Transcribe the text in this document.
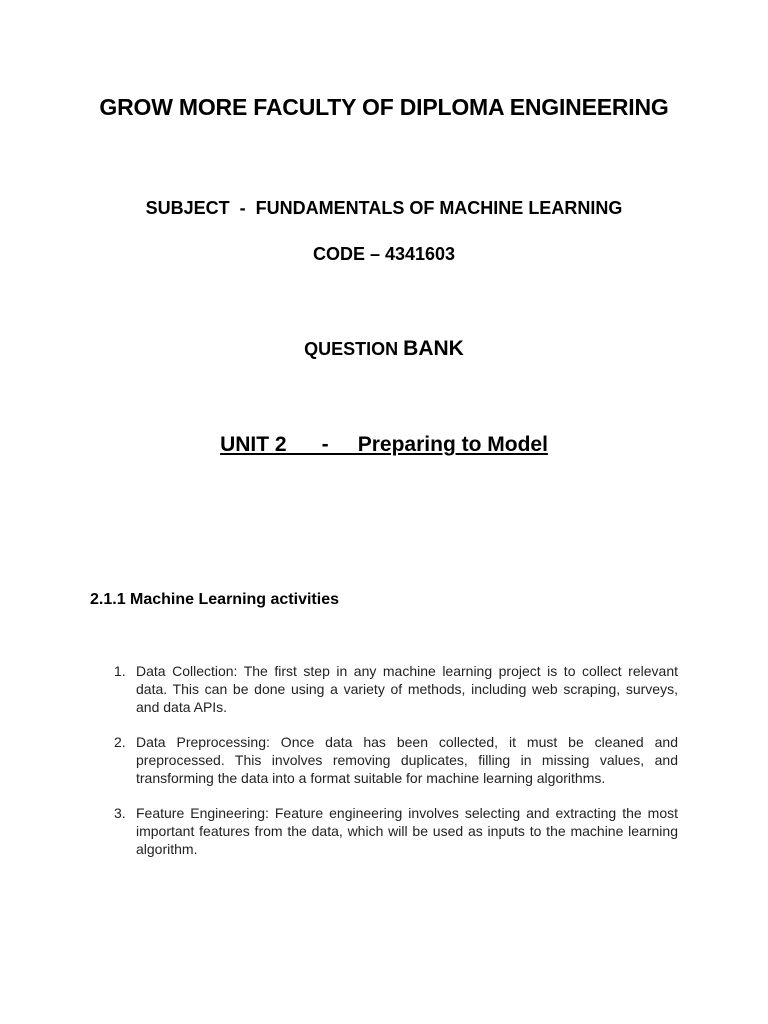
GROW MORE FACULTY OF DIPLOMA ENGINEERING
SUBJECT  -  FUNDAMENTALS OF MACHINE LEARNING
CODE – 4341603
QUESTION BANK
UNIT 2      -     Preparing to Model
2.1.1 Machine Learning activities
1. Data Collection: The first step in any machine learning project is to collect relevant data. This can be done using a variety of methods, including web scraping, surveys,     and data APIs.
2. Data Preprocessing: Once data has been collected, it must be cleaned and preprocessed. This involves removing duplicates, filling in missing values, and transforming the data into a format suitable for machine learning algorithms.
3. Feature Engineering: Feature engineering involves selecting and extracting the most important features from the data, which will be used as inputs to the machine learning algorithm.
